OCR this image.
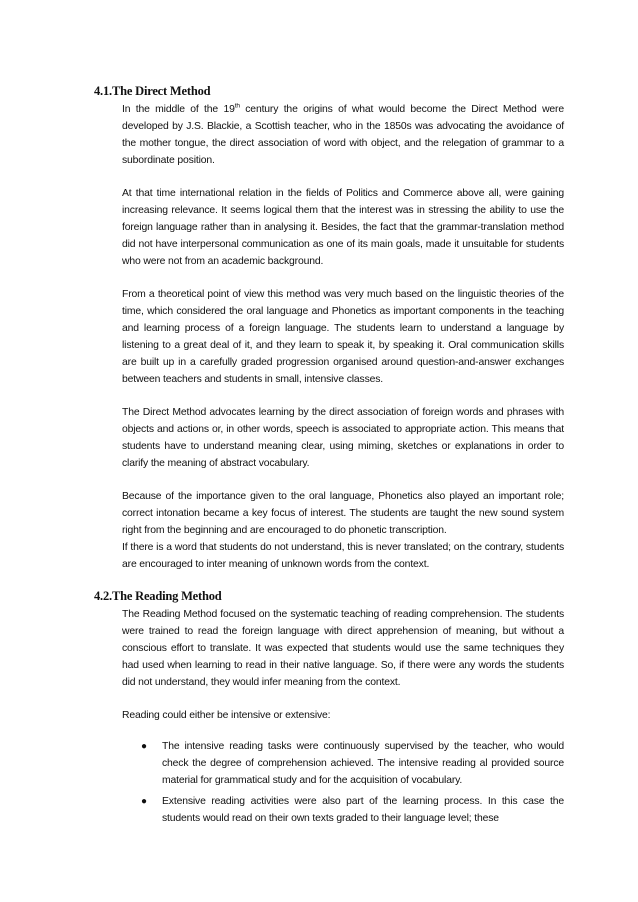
4.1.The Direct Method

In the middle of the 19th century the origins of what would become the Direct Method were developed by J.S. Blackie, a Scottish teacher, who in the 1850s was advocating the avoidance of the mother tongue, the direct association of word with object, and the relegation of grammar to a subordinate position.

At that time international relation in the fields of Politics and Commerce above all, were gaining increasing relevance. It seems logical them that the interest was in stressing the ability to use the foreign language rather than in analysing it. Besides, the fact that the grammar-translation method did not have interpersonal communication as one of its main goals, made it unsuitable for students who were not from an academic background.

From a theoretical point of view this method was very much based on the linguistic theories of the time, which considered the oral language and Phonetics as important components in the teaching and learning process of a foreign language. The students learn to understand a language by listening to a great deal of it, and they learn to speak it, by speaking it. Oral communication skills are built up in a carefully graded progression organised around question-and-answer exchanges between teachers and students in small, intensive classes.

The Direct Method advocates learning by the direct association of foreign words and phrases with objects and actions or, in other words, speech is associated to appropriate action. This means that students have to understand meaning clear, using miming, sketches or explanations in order to clarify the meaning of abstract vocabulary.

Because of the importance given to the oral language, Phonetics also played an important role; correct intonation became a key focus of interest. The students are taught the new sound system right from the beginning and are encouraged to do phonetic transcription.
If there is a word that students do not understand, this is never translated; on the contrary, students are encouraged to inter meaning of unknown words from the context.

4.2.The Reading Method

The Reading Method focused on the systematic teaching of reading comprehension. The students were trained to read the foreign language with direct apprehension of meaning, but without a conscious effort to translate. It was expected that students would use the same techniques they had used when learning to read in their native language. So, if there were any words the students did not understand, they would infer meaning from the context.

Reading could either be intensive or extensive:

● The intensive reading tasks were continuously supervised by the teacher, who would check the degree of comprehension achieved. The intensive reading al provided source material for grammatical study and for the acquisition of vocabulary.
● Extensive reading activities were also part of the learning process. In this case the students would read on their own texts graded to their language level; these
